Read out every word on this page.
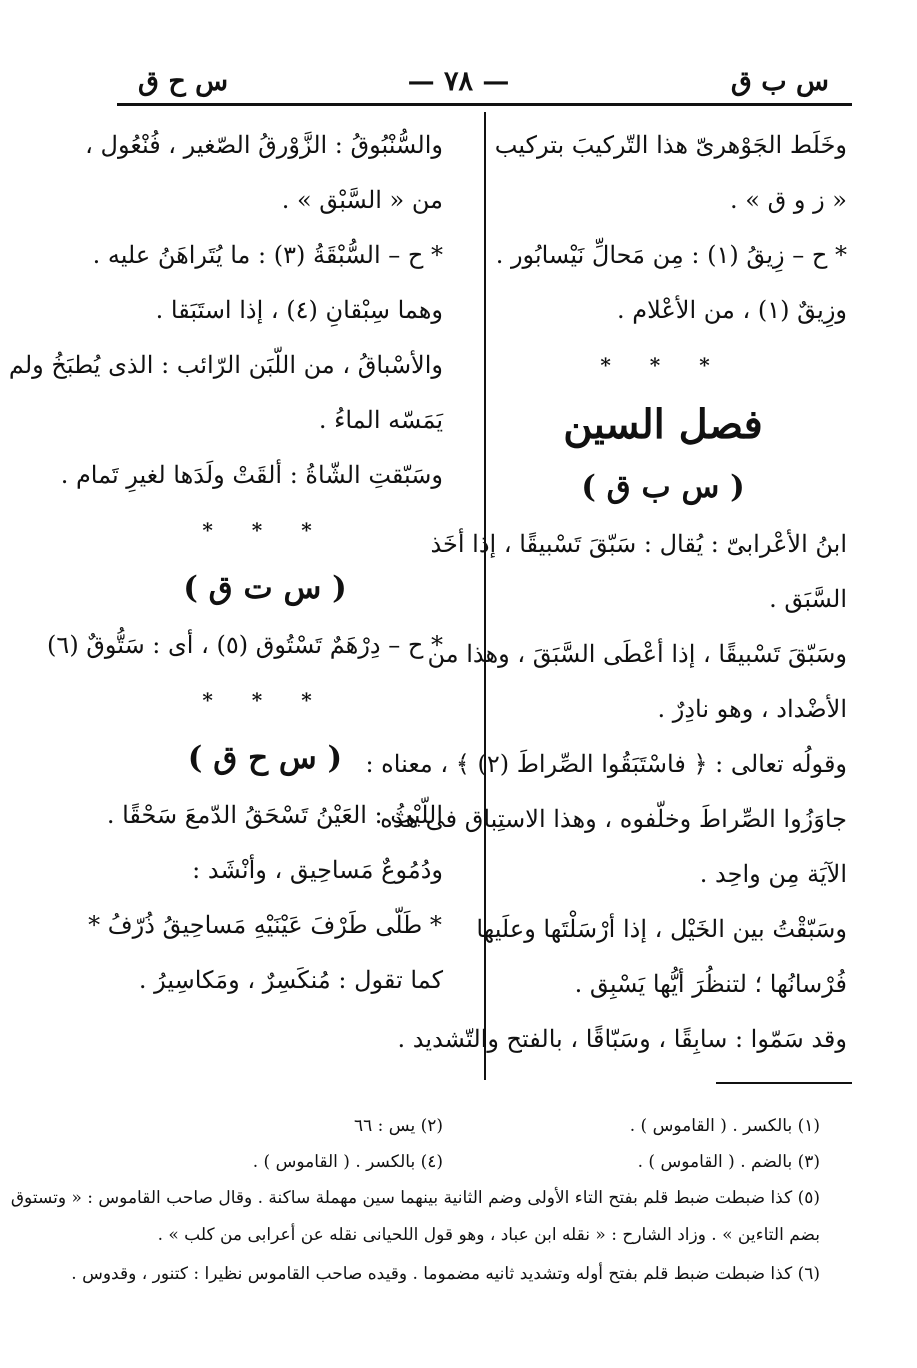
س ب ق
— ٧٨ —
س ح ق
وخَلَط الجَوْهرىّ هذا التّركيبَ بتركيب
« ز و ق » .
* ح – زِيقُ (١) : مِن مَحالِّ نَيْسابُور .
وزِيقٌ (١) ، من الأعْلام .
* * *
فصل السين
( س ب ق )
ابنُ الأعْرابىّ : يُقال : سَبّقَ تَسْبيقًا ، إذا أخَذ
السَّبَق .
وسَبّقَ تَسْبيقًا ، إذا أعْطَى السَّبَقَ ، وهذا من
الأضْداد ، وهو نادِرٌ .
وقولُه تعالى : ﴿ فاسْتَبَقُوا الصِّراطَ (٢) ﴾ ، معناه :
جاوَزُوا الصِّراطَ وخلّفوه ، وهذا الاستِباق فى هذه
الآيَة مِن واحِد .
وسَبّقْتُ بين الخَيْل ، إذا أرْسَلْتَها وعلَيها
فُرْسانُها ؛ لتنظُرَ أيُّها يَسْبِق .
وقد سَمّوا : سابِقًا ، وسَبّاقًا ، بالفتح والتّشديد .
والسُّنْبُوقُ : الزَّوْرقُ الصّغير ، فُنْعُول ،
من « السَّبْق » .
* ح – السُّبْقَةُ (٣) : ما يُتَراهَنُ عليه .
وهما سِبْقانِ (٤) ، إذا استَبَقا .
والأسْباقُ ، من اللّبَن الرّائب : الذى يُطبَخُ ولم
يَمَسّه الماءُ .
وسَبّقتِ الشّاةُ : ألقَتْ ولَدَها لغيرِ تَمام .
* * *
( س ت ق )
* ح – دِرْهَمٌ تَسْتُوق (٥) ، أى : سَتُّوقٌ (٦)
* * *
( س ح ق )
اللّيْثُ : العَيْنُ تَسْحَقُ الدّمعَ سَحْقًا .
ودُمُوعٌ مَساحِيق ، وأنْشَد :
* طَلّى طَرْفَ عَيْنَيْهِ مَساحِيقُ ذُرّفُ *
كما تقول : مُنكَسِرٌ ، ومَكاسِيرُ .
(١) بالكسر . ( القاموس ) .
(٢) يس : ٦٦
(٣) بالضم . ( القاموس ) .
(٤) بالكسر . ( القاموس ) .
(٥) كذا ضبطت ضبط قلم بفتح التاء الأولى وضم الثانية بينهما سين مهملة ساكنة . وقال صاحب القاموس : « وتستوق
بضم التاءين » . وزاد الشارح : « نقله ابن عباد ، وهو قول اللحيانى نقله عن أعرابى من كلب » .
(٦) كذا ضبطت ضبط قلم بفتح أوله وتشديد ثانيه مضموما . وقيده صاحب القاموس نظيرا : كتنور ، وقدوس .
